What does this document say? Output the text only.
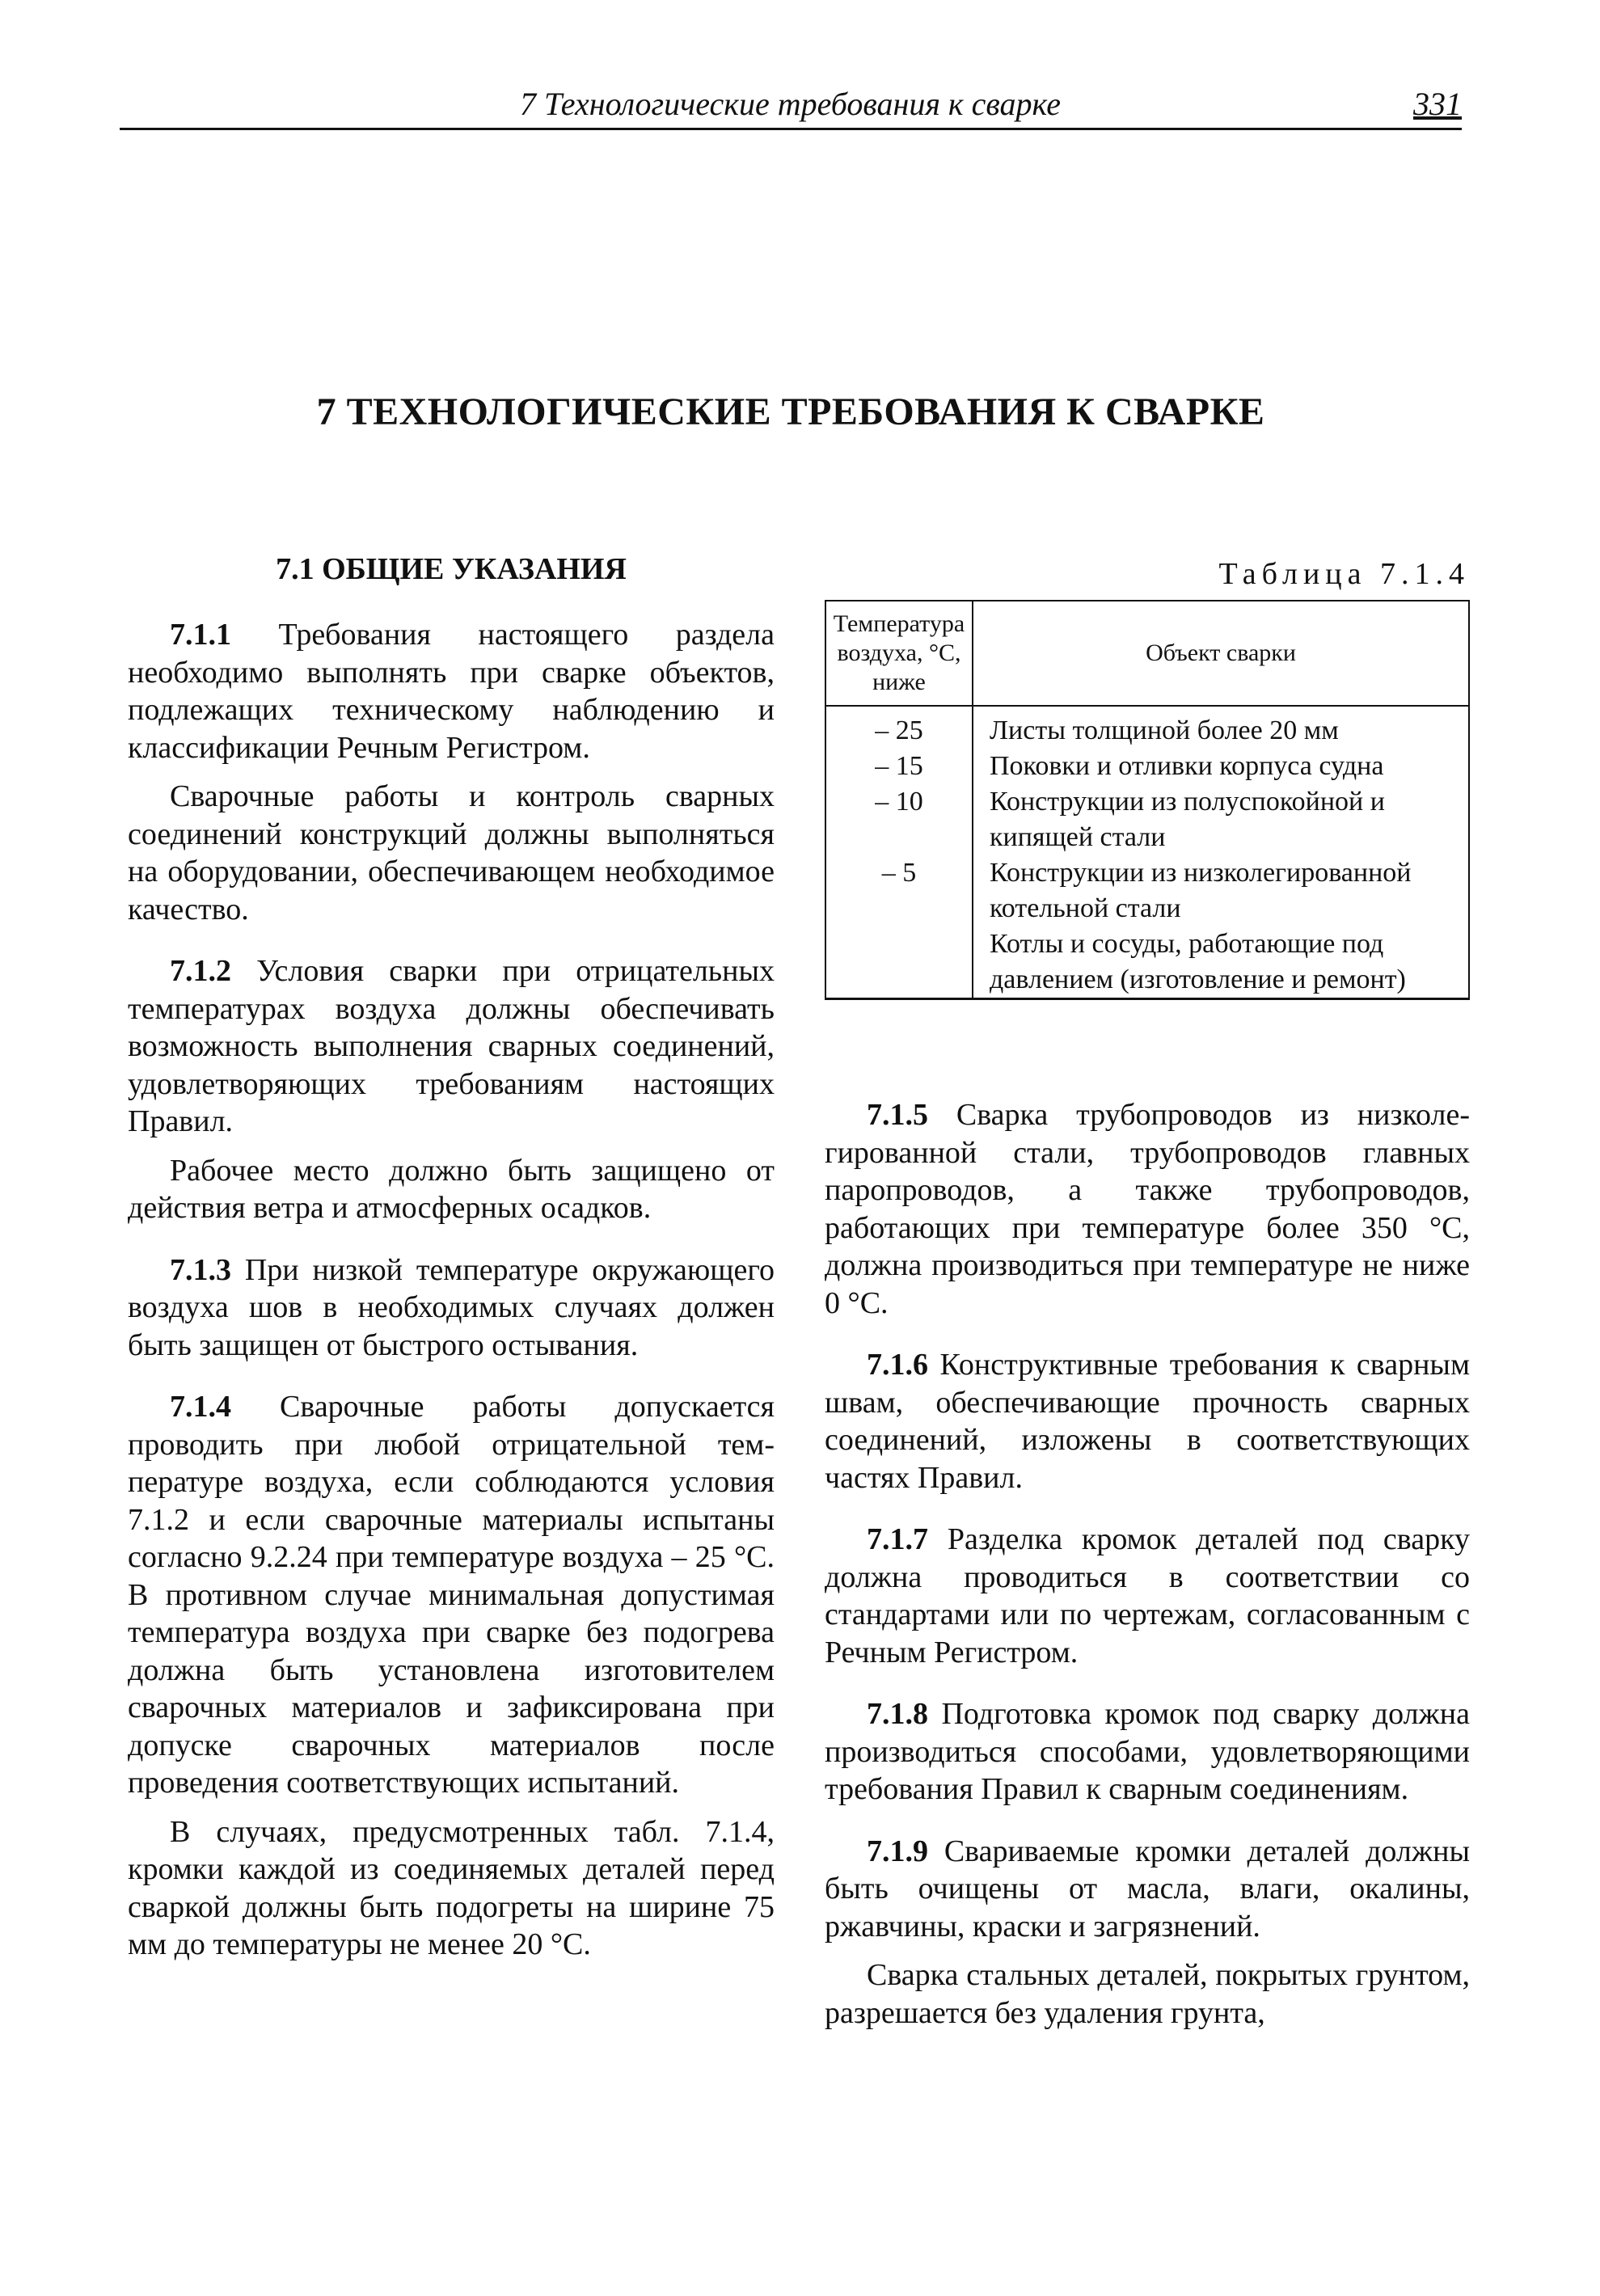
7 Технологические требования к сварке	331
7 ТЕХНОЛОГИЧЕСКИЕ ТРЕБОВАНИЯ К СВАРКЕ
7.1 ОБЩИЕ УКАЗАНИЯ

7.1.1 Требования настоящего раздела необходимо выполнять при сварке объектов, подлежащих техническому наблюдению и классификации Речным Регистром.

Сварочные работы и контроль сварных соединений конструкций должны выполняться на оборудовании, обеспечивающем необходимое качество.

7.1.2 Условия сварки при отрицательных температурах воздуха должны обеспечивать возможность выполнения сварных соединений, удовлетворяющих требованиям настоящих Правил.

Рабочее место должно быть защищено от действия ветра и атмосферных осадков.

7.1.3 При низкой температуре окружающего воздуха шов в необходимых случаях должен быть защищен от быстрого остывания.

7.1.4 Сварочные работы допускается проводить при любой отрицательной температуре воздуха, если соблюдаются условия 7.1.2 и если сварочные материалы испытаны согласно 9.2.24 при температуре воздуха – 25 °С. В противном случае минимальная допустимая температура воздуха при сварке без подогрева должна быть установлена изготовителем сварочных материалов и зафиксирована при допуске сварочных материалов после проведения соответствующих испытаний.

В случаях, предусмотренных табл. 7.1.4, кромки каждой из соединяемых деталей перед сваркой должны быть подогреты на ширине 75 мм до температуры не менее 20 °С.

Таблица 7.1.4
Температура воздуха, °С, ниже	Объект сварки
– 25	Листы толщиной более 20 мм
– 15	Поковки и отливки корпуса судна
– 10	Конструкции из полуспокойной и кипящей стали
– 5	Конструкции из низколегированной котельной стали
	Котлы и сосуды, работающие под давлением (изготовление и ремонт)

7.1.5 Сварка трубопроводов из низколегированной стали, трубопроводов главных паропроводов, а также трубопроводов, работающих при температуре более 350 °С, должна производиться при температуре не ниже 0 °С.

7.1.6 Конструктивные требования к сварным швам, обеспечивающие прочность сварных соединений, изложены в соответствующих частях Правил.

7.1.7 Разделка кромок деталей под сварку должна проводиться в соответствии со стандартами или по чертежам, согласованным с Речным Регистром.

7.1.8 Подготовка кромок под сварку должна производиться способами, удовлетворяющими требования Правил к сварным соединениям.

7.1.9 Свариваемые кромки деталей должны быть очищены от масла, влаги, окалины, ржавчины, краски и загрязнений.

Сварка стальных деталей, покрытых грунтом, разрешается без удаления грунта,
